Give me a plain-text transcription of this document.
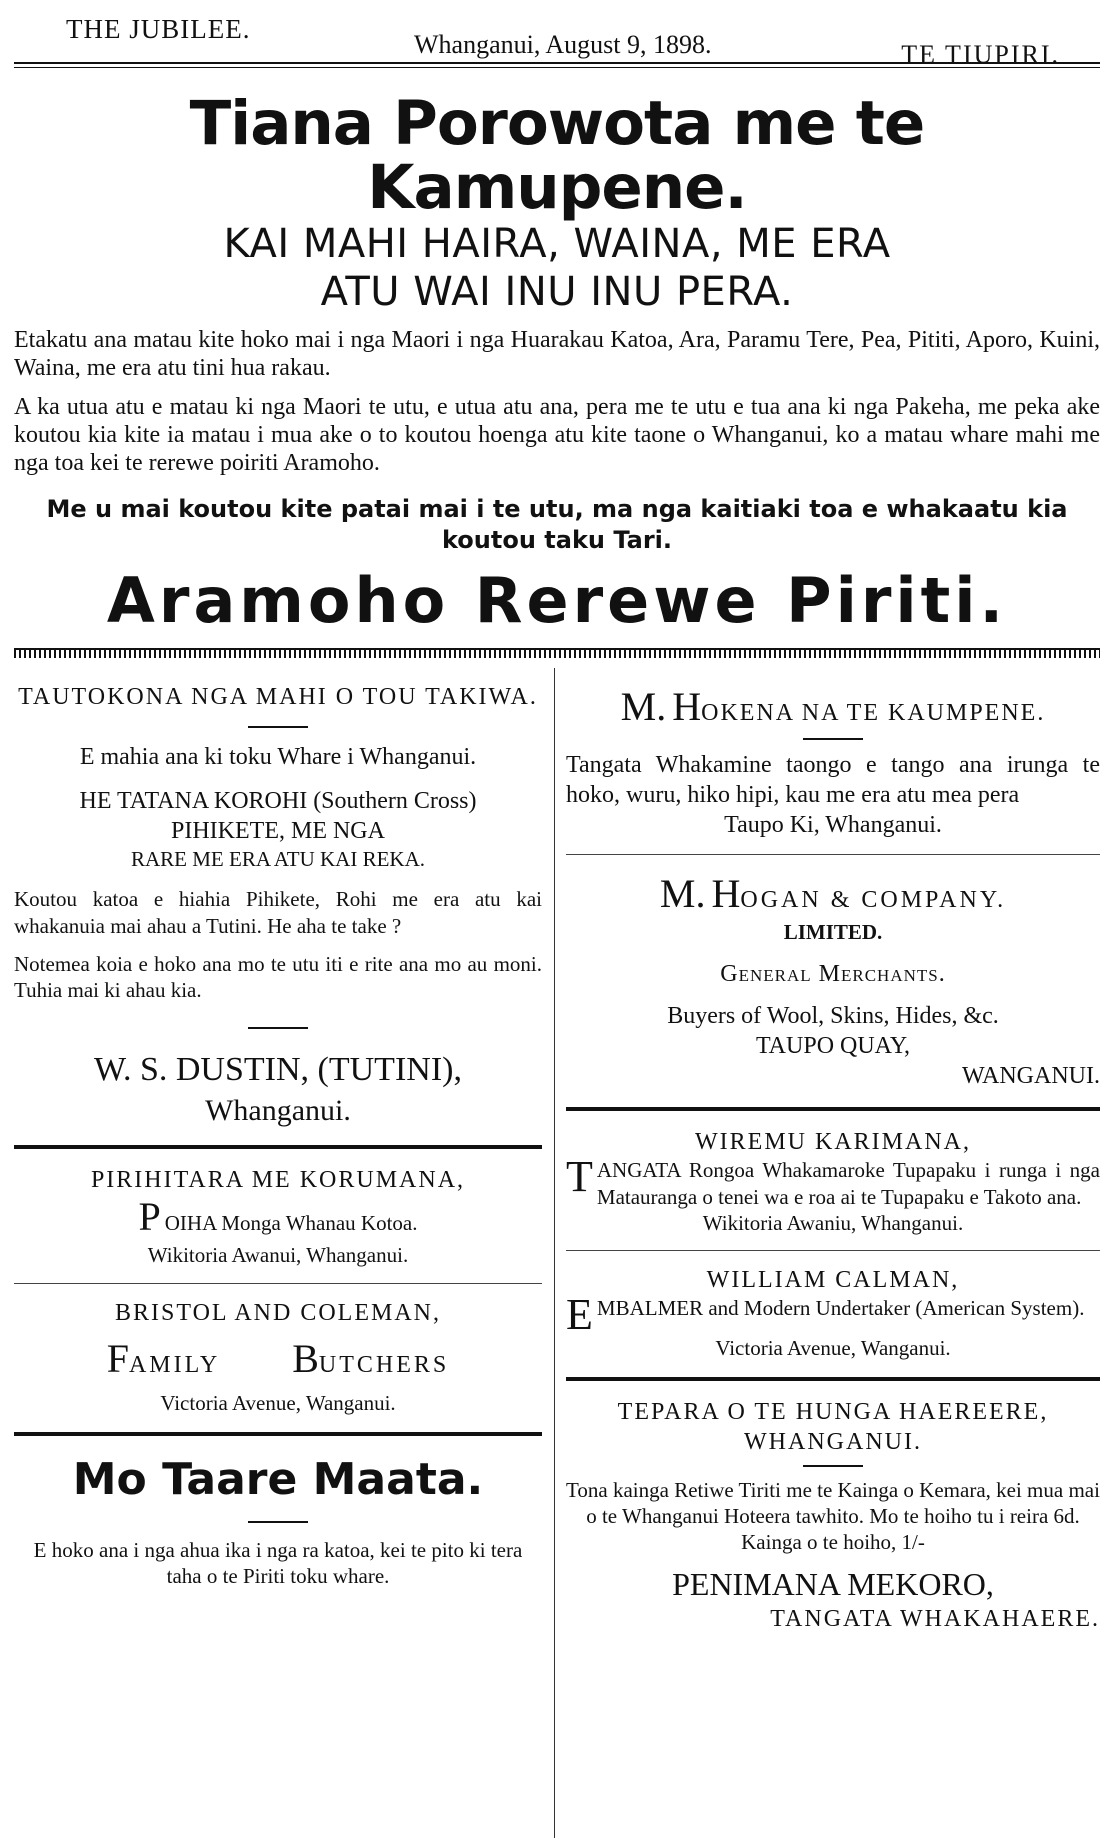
THE JUBILEE.
Whanganui, August 9, 1898.	TE TIUPIRI.
Tiana Porowota me te Kamupene.
KAI MAHI HAIRA, WAINA, ME ERA
ATU WAI INU INU PERA.

Etakatu ana matau kite hoko mai i nga Maori i nga Huarakau Katoa, Ara, Paramu Tere, Pea, Pititi, Aporo, Kuini, Waina, me era atu tini hua rakau.

A ka utua atu e matau ki nga Maori te utu, e utua atu ana, pera me te utu e tua ana ki nga Pakeha, me peka ake koutou kia kite ia matau i mua ake o to koutou hoenga atu kite taone o Whanganui, ko a matau whare mahi me nga toa kei te rerewe poiriti Aramoho.

Me u mai koutou kite patai mai i te utu, ma nga kaitiaki toa e whakaatu kia koutou taku Tari.
Aramoho Rerewe Piriti.

TAUTOKONA NGA MAHI O TOU TAKIWA.

E mahia ana ki toku Whare i Whanganui.

HE TATANA KOROHI (Southern Cross)

PIHIKETE, ME NGA

RARE ME ERA ATU KAI REKA.

Koutou katoa e hiahia Pihikete, Rohi me era atu kai whakanuia mai ahau a Tutini. He aha te take ?

Notemea koia e hoko ana mo te utu iti e rite ana mo au moni. Tuhia mai ki ahau kia.

W. S. DUSTIN, (TUTINI),

Whanganui.

PIRIHITARA ME KORUMANA,

POIHA Monga Whanau Kotoa.

Wikitoria Awanui, Whanganui.

BRISTOL AND COLEMAN,

FAMILY BUTCHERS

Victoria Avenue, Wanganui.

Mo Taare Maata.

E hoko ana i nga ahua ika i nga ra katoa, kei te pito ki tera taha o te Piriti toku whare.

M. HOKENA NA TE KAUMPENE.

Tangata Whakamine taongo e tango ana irunga te hoko, wuru, hiko hipi, kau me era atu mea pera

Taupo Ki, Whanganui.

M. HOGAN & COMPANY.

LIMITED.

General Merchants.

Buyers of Wool, Skins, Hides, &c.

TAUPO QUAY,

WANGANUI.

WIREMU KARIMANA,

TANGATA Rongoa Whakamaroke Tupapaku i runga i nga Matauranga o tenei wa e roa ai te Tupapaku e Takoto ana.

Wikitoria Awaniu, Whanganui.

WILLIAM CALMAN,

EMBALMER and Modern Undertaker (American System).

Victoria Avenue, Wanganui.

TEPARA O TE HUNGA HAEREERE,

WHANGANUI.

Tona kainga Retiwe Tiriti me te Kainga o Kemara, kei mua mai o te Whanganui Hoteera tawhito. Mo te hoiho tu i reira 6d. Kainga o te hoiho, 1/-

PENIMANA MEKORO,

TANGATA WHAKAHAERE.
